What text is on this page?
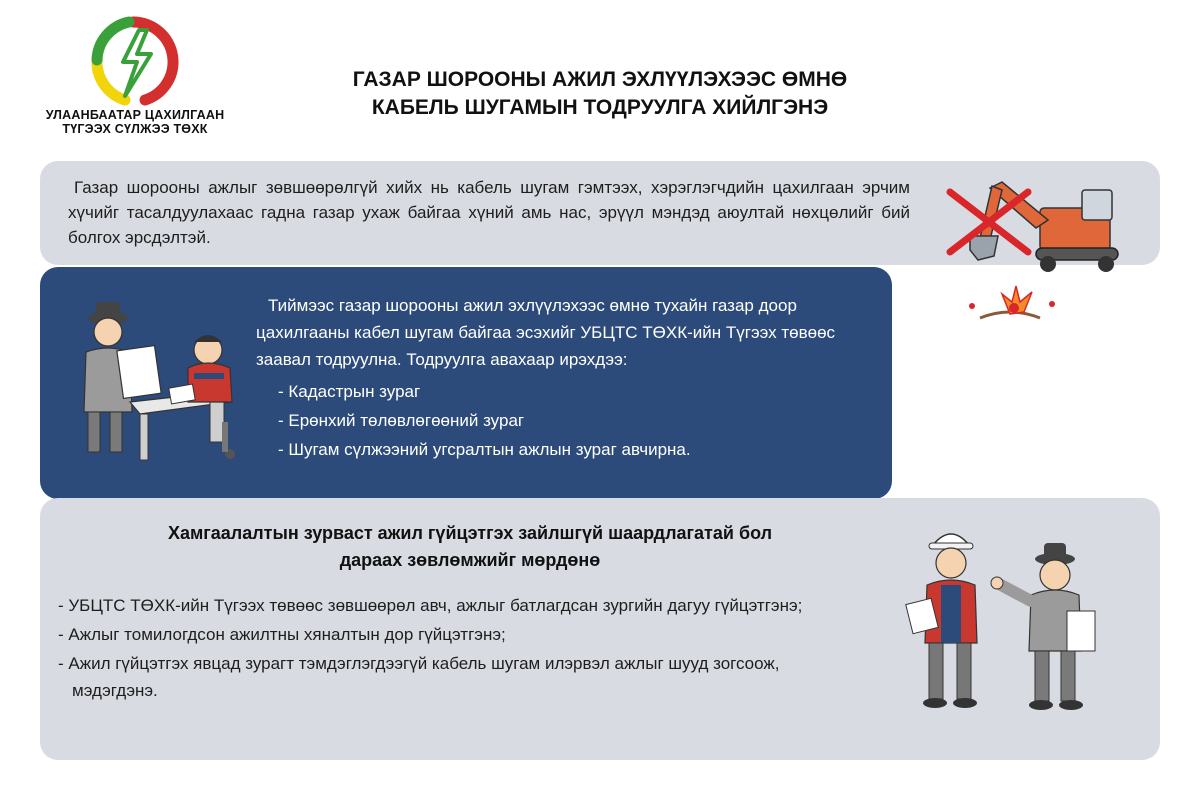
УЛААНБААТАР ЦАХИЛГААН
ТҮГЭЭХ СҮЛЖЭЭ ТӨХК
ГАЗАР ШОРООНЫ АЖИЛ ЭХЛҮҮЛЭХЭЭС ӨМНӨ
КАБЕЛЬ ШУГАМЫН ТОДРУУЛГА ХИЙЛГЭНЭ

Газар шорооны ажлыг зөвшөөрөлгүй хийх нь кабель шугам гэмтээх, хэрэглэгчдийн цахилгаан эрчим хүчийг тасалдуулахаас гадна газар ухаж байгаа хүний амь нас, эрүүл мэндэд аюултай нөхцөлийг бий болгох эрсдэлтэй.

Тиймээс газар шорооны ажил эхлүүлэхээс өмнө тухайн газар доор цахилгааны кабел шугам байгаа эсэхийг УБЦТС ТӨХК-ийн Түгээх төвөөс заавал тодруулна. Тодруулга авахаар ирэхдээ:

- Кадастрын зураг
- Ерөнхий төлөвлөгөөний зураг
- Шугам сүлжээний угсралтын ажлын зураг авчирна.
Хамгаалалтын зурваст ажил гүйцэтгэх зайлшгүй шаардлагатай бол
дараах зөвлөмжийг мөрдөнө
- УБЦТС ТӨХК-ийн Түгээх төвөөс зөвшөөрөл авч, ажлыг батлагдсан зургийн дагуу гүйцэтгэнэ;
- Ажлыг томилогдсон ажилтны хяналтын дор гүйцэтгэнэ;
- Ажил гүйцэтгэх явцад зурагт тэмдэглэгдээгүй кабель шугам илэрвэл ажлыг шууд зогсоож, мэдэгдэнэ.
